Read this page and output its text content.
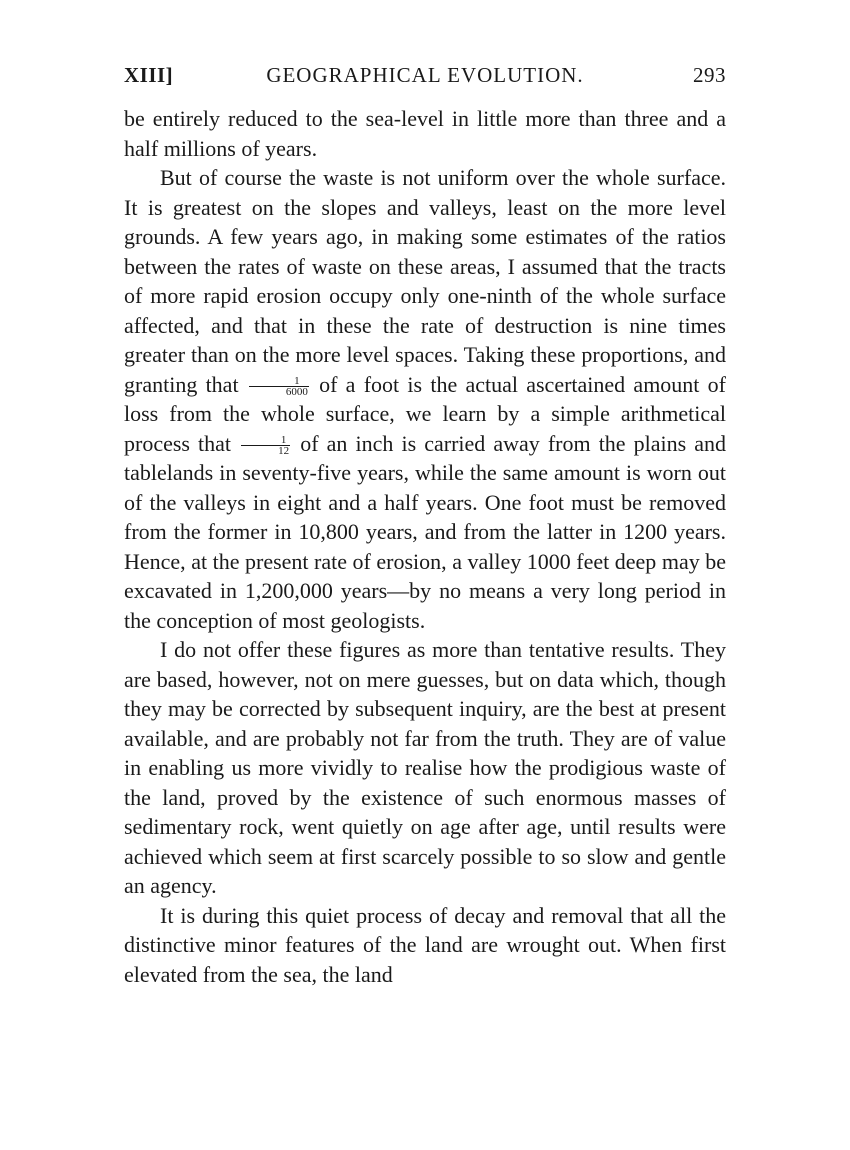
XIII]	GEOGRAPHICAL EVOLUTION.	293

be entirely reduced to the sea-level in little more than three and a half millions of years.

But of course the waste is not uniform over the whole surface. It is greatest on the slopes and valleys, least on the more level grounds. A few years ago, in making some estimates of the ratios between the rates of waste on these areas, I assumed that the tracts of more rapid erosion occupy only one-ninth of the whole surface affected, and that in these the rate of destruction is nine times greater than on the more level spaces. Taking these proportions, and granting that $\frac{1}{6000}$ of a foot is the actual ascertained amount of loss from the whole surface, we learn by a simple arithmetical process that $\frac{1}{12}$ of an inch is carried away from the plains and tablelands in seventy-five years, while the same amount is worn out of the valleys in eight and a half years. One foot must be removed from the former in 10,800 years, and from the latter in 1200 years. Hence, at the present rate of erosion, a valley 1000 feet deep may be excavated in 1,200,000 years—by no means a very long period in the conception of most geologists.

I do not offer these figures as more than tentative results. They are based, however, not on mere guesses, but on data which, though they may be corrected by subsequent inquiry, are the best at present available, and are probably not far from the truth. They are of value in enabling us more vividly to realise how the prodigious waste of the land, proved by the existence of such enormous masses of sedimentary rock, went quietly on age after age, until results were achieved which seem at first scarcely possible to so slow and gentle an agency.

It is during this quiet process of decay and removal that all the distinctive minor features of the land are wrought out. When first elevated from the sea, the land
